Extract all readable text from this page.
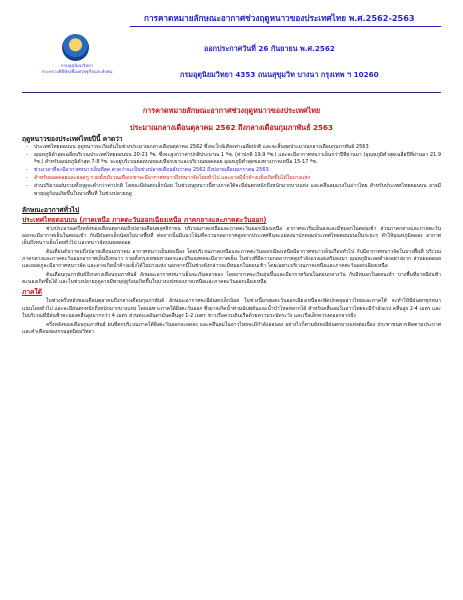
กรมอุตุนิยมวิทยา
กระทรวงดิจิทัลเพื่อเศรษฐกิจและสังคม
การคาดหมายลักษณะอากาศช่วงฤดูหนาวของประเทศไทย พ.ศ.2562-2563
ออกประกาศวันที่ 26 กันยายน พ.ศ.2562
กรมอุตุนิยมวิทยา 4353 ถนนสุขุมวิท บางนา กรุงเทพ ฯ 10260
การคาดหมายลักษณะอากาศช่วงฤดูหนาวของประเทศไทย
ประมาณกลางเดือนตุลาคม 2562 ถึงกลางเดือนกุมภาพันธ์ 2563
ฤดูหนาวของประเทศไทยปีนี้ คาดว่า

- ประเทศไทยตอนบน ฤดูหนาวจะเริ่มต้นในช่วงประมาณกลางเดือนตุลาคม 2562 ซึ่งจะใกล้เคียงค่าเฉลี่ยปกติ และจะสิ้นสุดประมาณกลางเดือนกุมภาพันธ์ 2563

- อุณหภูมิต่ำสุดเฉลี่ยบริเวณประเทศไทยตอนบน 20-21 ºซ. ซึ่งจะสูงกว่าค่าปกติประมาณ 1 ºซ. (ค่าปกติ 19.9 ºซ.) และจะมีอากาศหนาวเย็นกว่าปีที่ผ่านมา (อุณหภูมิต่ำสุดเฉลี่ยปีที่ผ่านมา 21.9 ºซ.) สำหรับอุณหภูมิต่ำสุด 7-8 ºซ. จะอยู่บริเวณยอดบนของเทือกเขาและบริเวณยอดดอย อุณหภูมิต่ำสุดของทางภาคเหนือ 15-17 ºซ.

- ช่วงเวลาที่จะมีอากาศหนาวเย็นที่สุด คาดว่าจะเป็นช่วงปลายเดือนธันวาคม 2562 ถึงปลายเดือนมกราคม 2563

- สำหรับยอดดอยและยอดภู รวมทั้งบริเวณเทือกเขาจะมีอากาศหนาวถึงหนาวจัดโดยทั่วไป และอาจมีน้ำค้างแข็งเกิดขึ้นได้ในบางแห่ง

- ส่วนปริมาณฝนรวมทั้งฤดูจะต่ำกว่าค่าปกติ โดยจะมีฝนตกเล็กน้อย ในช่วงฤดูหนาวนี้ทางภาคใต้จะมีฝนตกหนักถึงหนักมากบางแห่ง และคลื่นลมแรงในอ่าวไทย สำหรับประเทศไทยตอนบน อาจมีพายุฤดูร้อนเกิดขึ้นในบางพื้นที่ ในช่วงปลายฤดู

ลักษณะอากาศทั่วไป
ประเทศไทยตอนบน (ภาคเหนือ ภาคตะวันออกเฉียงเหนือ ภาคกลางและภาคตะวันออก)

ช่วงประมาณครึ่งหลังของเดือนตุลาคมถึงปลายเดือนพฤศจิกายน บริเวณภาคเหนือและภาคตะวันออกเฉียงเหนือ อากาศจะเริ่มเย็นลงและมีหมอกในตอนเช้า ส่วนภาคกลางและภาคตะวันออกจะมีอากาศเย็นในตอนเช้า กับมีฝนตกเล็กน้อยในบางพื้นที่ ต่อจากนั้นมีแนวโน้มที่ความกดอากาศสูงจากประเทศจีนจะแผ่ลงมาปกคลุมประเทศไทยตอนบนเป็นระยะๆ ทำให้อุณหภูมิลดลง อากาศเย็นถึงหนาวเย็นโดยทั่วไป และหนาวจัดบนยอดดอย

ต้นเดือนธันวาคมถึงปลายเดือนมกราคม อากาศหนาวเย็นต่อเนื่อง โดยบริเวณภาคเหนือและภาคตะวันออกเฉียงเหนือมีอากาศหนาวเย็นเกือบทั่วไป กับมีอากาศหนาวจัดในบางพื้นที่ บริเวณภาคกลางและภาคตะวันออกอากาศเย็นถึงหนาว รวมทั้งกรุงเทพมหานครและปริมณฑลจะมีอากาศเย็น ในช่วงที่มีความกดอากาศสูงกำลังแรงแผ่เสริมลงมา อุณหภูมิจะลดต่ำลงอย่างมาก ส่วนยอดดอยและยอดภูจะมีอากาศหนาวจัด และอาจเกิดน้ำค้างแข็งได้ในบางแห่ง นอกจากนี้ในช่วงดังกล่าวจะมีหมอกในตอนเช้า โดยเฉพาะบริเวณภาคเหนือและภาคตะวันออกเฉียงเหนือ

ต้นเดือนกุมภาพันธ์ถึงกลางเดือนกุมภาพันธ์ ลักษณะอากาศหนาวเย็นจะเริ่มคลายลง โดยอากาศจะเริ่มอุ่นขึ้นและมีอากาศร้อนในตอนกลางวัน กับมีหมอกในตอนเช้า บางพื้นที่อาจมีฝนฟ้าคะนองเกิดขึ้นได้ และในช่วงปลายฤดูอาจมีพายุฤดูร้อนเกิดขึ้นในบางแห่งของภาคเหนือและภาคตะวันออกเฉียงเหนือ

ภาคใต้

ในช่วงครึ่งหลังของเดือนตุลาคมถึงกลางเดือนกุมภาพันธ์ ลักษณะอากาศจะมีฝนตกเล็กน้อย ในช่วงนี้มรสุมตะวันออกเฉียงเหนือจะพัดปกคลุมอ่าวไทยและภาคใต้ จะทำให้มีฝนตกชุกหนาแน่นโดยทั่วไป และจะมีฝนตกหนักถึงหนักมากบางแห่ง โดยเฉพาะภาคใต้ฝั่งตะวันออก ซึ่งอาจเกิดน้ำท่วมฉับพลันและน้ำป่าไหลหลากได้ สำหรับคลื่นลมในอ่าวไทยจะมีกำลังแรง คลื่นสูง 2-4 เมตร และในบริเวณที่มีฝนฟ้าคะนองคลื่นสูงมากกว่า 4 เมตร ส่วนทะเลอันดามันคลื่นสูง 1-2 เมตร ชาวเรือควรเดินเรือด้วยความระมัดระวัง และเรือเล็กควรงดออกจากฝั่ง

ครึ่งหลังของเดือนกุมภาพันธ์ ฝนที่ตกบริเวณภาคใต้ฝั่งตะวันออกจะลดลง และคลื่นลมในอ่าวไทยจะมีกำลังอ่อนลง อย่างไรก็ตามยังคงมีฝนตกบางแห่งต่อเนื่อง ประชาชนควรติดตามประกาศและคำเตือนของกรมอุตุนิยมวิทยา
